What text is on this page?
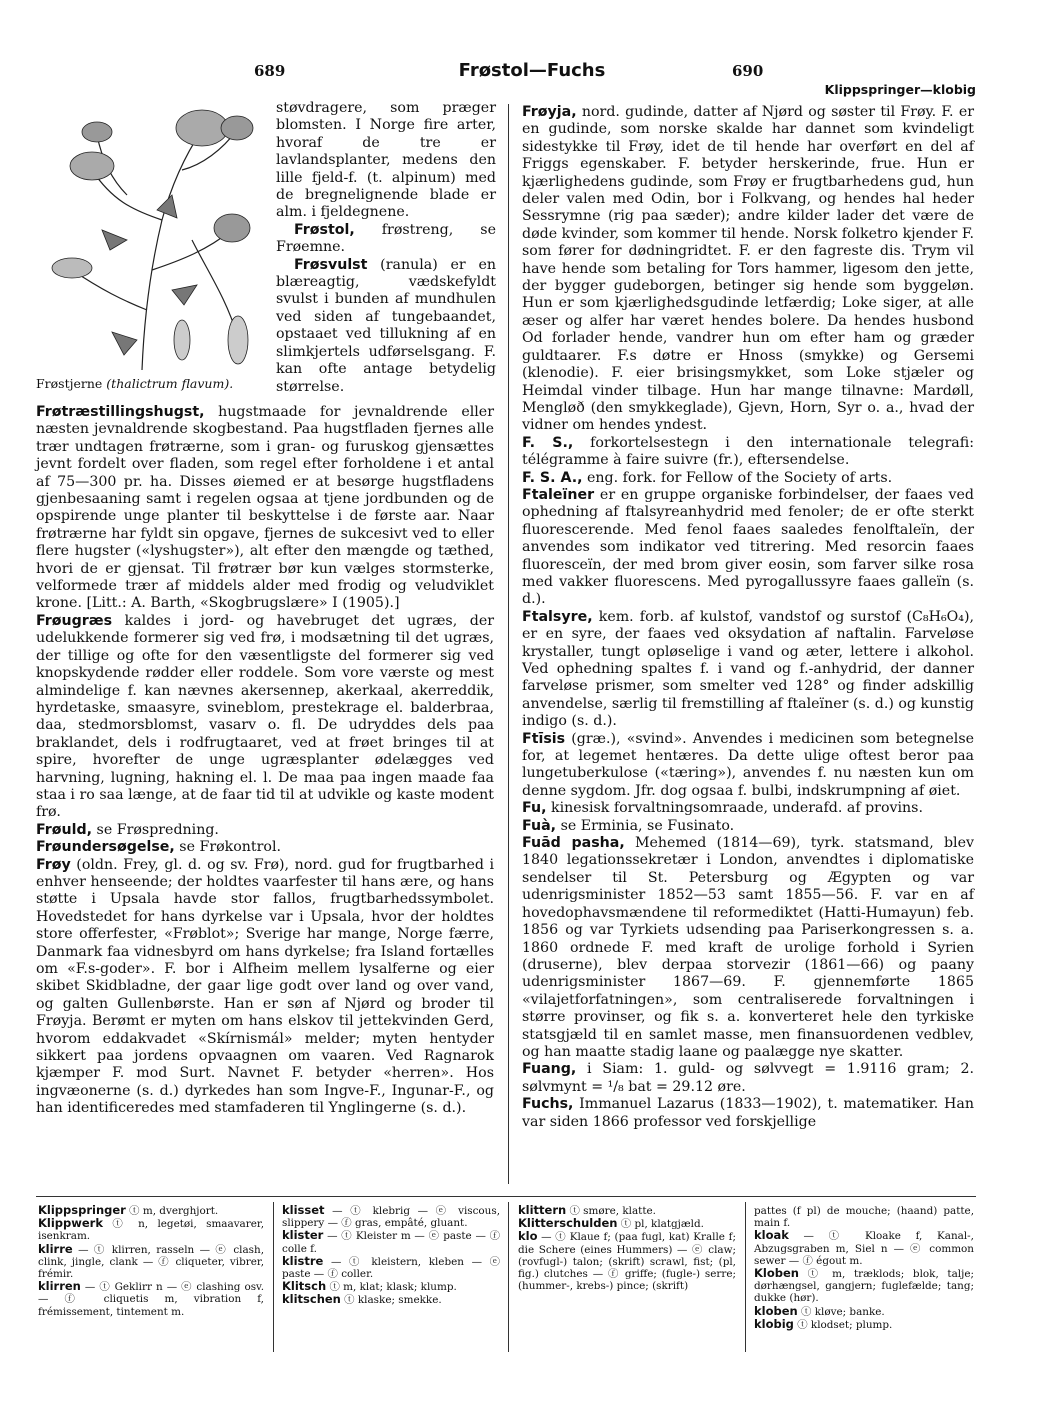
689	Frøstol—Fuchs	690
Klippspringer—klobig
Frøstjerne (thalictrum flavum).

støvdragere, som præger blomsten. I Norge fire arter, hvoraf de tre er lavlandsplanter, medens den lille fjeld-f. (t. alpinum) med de bregnelignende blade er alm. i fjeldegnene.

Frøstol, frøstreng, se Frøemne.

Frøsvulst (ranula) er en blæreagtig, vædskefyldt svulst i bunden af mundhulen ved siden af tungebaandet, opstaaet ved tillukning af en slimkjertels udførselsgang. F. kan ofte antage betydelig størrelse.

Frøtræstillingshugst, hugstmaade for jevnaldrende eller næsten jevnaldrende skogbestand. Paa hugstfladen fjernes alle trær undtagen frøtrærne, som i gran- og furuskog gjensættes jevnt fordelt over fladen, som regel efter forholdene i et antal af 75—300 pr. ha. Disses øiemed er at besørge hugstfladens gjenbesaaning samt i regelen ogsaa at tjene jordbunden og de opspirende unge planter til beskyttelse i de første aar. Naar frøtrærne har fyldt sin opgave, fjernes de sukcesivt ved to eller flere hugster («lyshugster»), alt efter den mængde og tæthed, hvori de er gjensat. Til frøtrær bør kun vælges stormsterke, velformede trær af middels alder med frodig og veludviklet krone. [Litt.: A. Barth, «Skogbrugslære» I (1905).]

Frøugræs kaldes i jord- og havebruget det ugræs, der udelukkende formerer sig ved frø, i modsætning til det ugræs, der tillige og ofte for den væsentligste del formerer sig ved knopskydende rødder eller roddele. Som vore værste og mest almindelige f. kan nævnes akersennep, akerkaal, akerreddik, hyrdetaske, smaasyre, svineblom, prestekrage el. balderbraa, daa, stedmorsblomst, vasarv o. fl. De udryddes dels paa braklandet, dels i rodfrugtaaret, ved at frøet bringes til at spire, hvorefter de unge ugræsplanter ødelægges ved harvning, lugning, hakning el. l. De maa paa ingen maade faa staa i ro saa længe, at de faar tid til at udvikle og kaste modent frø.

Frøuld, se Frøspredning.

Frøundersøgelse, se Frøkontrol.

Frøy (oldn. Frey, gl. d. og sv. Frø), nord. gud for frugtbarhed i enhver henseende; der holdtes vaarfester til hans ære, og hans støtte i Upsala havde stor fallos, frugtbarhedssymbolet. Hovedstedet for hans dyrkelse var i Upsala, hvor der holdtes store offerfester, «Frøblot»; Sverige har mange, Norge færre, Danmark faa vidnesbyrd om hans dyrkelse; fra Island fortælles om «F.s-goder». F. bor i Alfheim mellem lysalferne og eier skibet Skidbladne, der gaar lige godt over land og over vand, og galten Gullenbørste. Han er søn af Njørd og broder til Frøyja. Berømt er myten om hans elskov til jettekvinden Gerd, hvorom eddakvadet «Skírnismál» melder; myten hentyder sikkert paa jordens opvaagnen om vaaren. Ved Ragnarok kjæmper F. mod Surt. Navnet F. betyder «herren». Hos ingvæonerne (s. d.) dyrkedes han som Ingve-F., Ingunar-F., og han identificeredes med stamfaderen til Ynglingerne (s. d.).

Frøyja, nord. gudinde, datter af Njørd og søster til Frøy. F. er en gudinde, som norske skalde har dannet som kvindeligt sidestykke til Frøy, idet de til hende har overført en del af Friggs egenskaber. F. betyder herskerinde, frue. Hun er kjærlighedens gudinde, som Frøy er frugtbarhedens gud, hun deler valen med Odin, bor i Folkvang, og hendes hal heder Sessrymne (rig paa sæder); andre kilder lader det være de døde kvinder, som kommer til hende. Norsk folketro kjender F. som fører for dødningridtet. F. er den fagreste dis. Trym vil have hende som betaling for Tors hammer, ligesom den jette, der bygger gudeborgen, betinger sig hende som byggeløn. Hun er som kjærlighedsgudinde letfærdig; Loke siger, at alle æser og alfer har været hendes bolere. Da hendes husbond Od forlader hende, vandrer hun om efter ham og græder guldtaarer. F.s døtre er Hnoss (smykke) og Gersemi (klenodie). F. eier brisingsmykket, som Loke stjæler og Heimdal vinder tilbage. Hun har mange tilnavne: Mardøll, Mengløð (den smykkeglade), Gjevn, Horn, Syr o. a., hvad der vidner om hendes yndest.

F. S., forkortelsestegn i den internationale telegrafi: télégramme à faire suivre (fr.), eftersendelse.

F. S. A., eng. fork. for Fellow of the Society of arts.

Ftaleïner er en gruppe organiske forbindelser, der faaes ved ophedning af ftalsyreanhydrid med fenoler; de er ofte sterkt fluorescerende. Med fenol faaes saaledes fenolftaleïn, der anvendes som indikator ved titrering. Med resorcin faaes fluoresceïn, der med brom giver eosin, som farver silke rosa med vakker fluorescens. Med pyrogallussyre faaes galleïn (s. d.).

Ftalsyre, kem. forb. af kulstof, vandstof og surstof (C₈H₆O₄), er en syre, der faaes ved oksydation af naftalin. Farveløse krystaller, tungt opløselige i vand og æter, lettere i alkohol. Ved ophedning spaltes f. i vand og f.-anhydrid, der danner farveløse prismer, som smelter ved 128° og finder adskillig anvendelse, særlig til fremstilling af ftaleïner (s. d.) og kunstig indigo (s. d.).

Ftīsis (græ.), «svind». Anvendes i medicinen som betegnelse for, at legemet hentæres. Da dette ulige oftest beror paa lungetuberkulose («tæring»), anvendes f. nu næsten kun om denne sygdom. Jfr. dog ogsaa f. bulbi, indskrumpning af øiet.

Fu, kinesisk forvaltningsomraade, underafd. af provins.

Fuà, se Erminia, se Fusinato.

Fuād pasha, Mehemed (1814—69), tyrk. statsmand, blev 1840 legationssekretær i London, anvendtes i diplomatiske sendelser til St. Petersburg og Ægypten og var udenrigsminister 1852—53 samt 1855—56. F. var en af hovedophavsmændene til reformediktet (Hatti-Humayun) feb. 1856 og var Tyrkiets udsending paa Pariserkongressen s. a. 1860 ordnede F. med kraft de urolige forhold i Syrien (druserne), blev derpaa storvezir (1861—66) og paany udenrigsminister 1867—69. F. gjennemførte 1865 «vilajetforfatningen», som centraliserede forvaltningen i større provinser, og fik s. a. konverteret hele den tyrkiske statsgjæld til en samlet masse, men finansuordenen vedblev, og han maatte stadig laane og paalægge nye skatter.

Fuang, i Siam: 1. guld- og sølvvegt = 1.9116 gram; 2. sølvmynt = ¹/₈ bat = 29.12 øre.

Fuchs, Immanuel Lazarus (1833—1902), t. matematiker. Han var siden 1866 professor ved forskjellige

Klippspringer ⓣ m, dverghjort.

Klippwerk ⓣ n, legetøi, smaavarer, isenkram.

klirre — ⓣ klirren, rasseln — ⓔ clash, clink, jingle, clank — ⓕ cliqueter, vibrer, frémir.

klirren — ⓣ Geklirr n — ⓔ clashing osv. — ⓕ cliquetis m, vibration f, frémissement, tintement m.

klisset — ⓣ klebrig — ⓔ viscous, slippery — ⓕ gras, empâté, gluant.

klister — ⓣ Kleister m — ⓔ paste — ⓕ colle f.

klistre — ⓣ kleistern, kleben — ⓔ paste — ⓕ coller.

Klitsch ⓣ m, klat; klask; klump.

klitschen ⓣ klaske; smekke.

klittern ⓣ smøre, klatte.

Klitterschulden ⓣ pl, klatgjæld.

klo — ⓣ Klaue f; (paa fugl, kat) Kralle f; die Schere (eines Hummers) — ⓔ claw; (rovfugl-) talon; (skrift) scrawl, fist; (pl, fig.) clutches — ⓕ griffe; (fugle-) serre; (hummer-, krebs-) pince; (skrift)

pattes (f pl) de mouche; (haand) patte, main f.

kloak — ⓣ Kloake f, Kanal-, Abzugsgraben m, Siel n — ⓔ common sewer — ⓕ égout m.

Kloben ⓣ m, træklods; blok, talje; dørhængsel, gangjern; fuglefælde; tang; dukke (hør).

kloben ⓣ kløve; banke.

klobig ⓣ klodset; plump.
